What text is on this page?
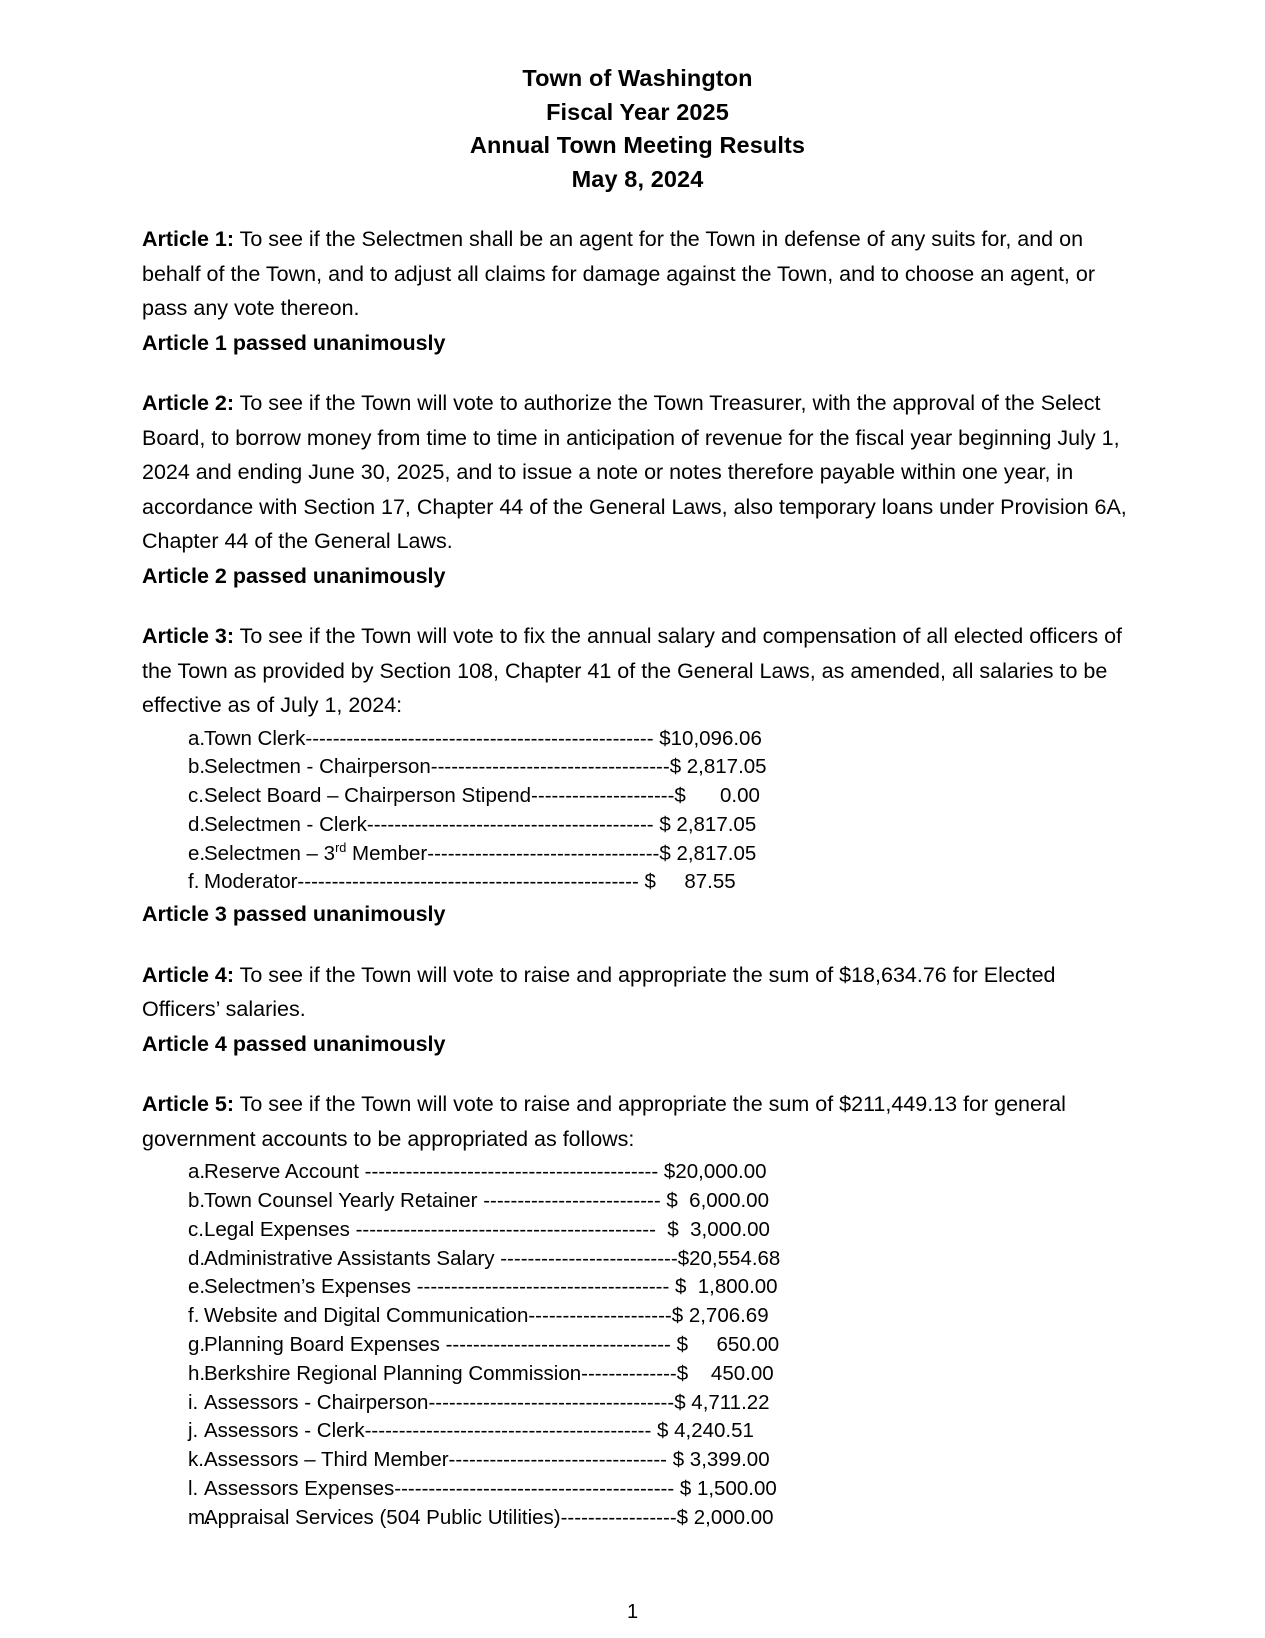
Town of Washington
Fiscal Year 2025
Annual Town Meeting Results
May 8, 2024

Article 1: To see if the Selectmen shall be an agent for the Town in defense of any suits for, and on behalf of the Town, and to adjust all claims for damage against the Town, and to choose an agent, or pass any vote thereon.

Article 1 passed unanimously

Article 2: To see if the Town will vote to authorize the Town Treasurer, with the approval of the Select Board, to borrow money from time to time in anticipation of revenue for the fiscal year beginning July 1, 2024 and ending June 30, 2025, and to issue a note or notes therefore payable within one year, in accordance with Section 17, Chapter 44 of the General Laws, also temporary loans under Provision 6A, Chapter 44 of the General Laws.

Article 2 passed unanimously

Article 3: To see if the Town will vote to fix the annual salary and compensation of all elected officers of the Town as provided by Section 108, Chapter 41 of the General Laws, as amended, all salaries to be effective as of July 1, 2024:

a.
Town Clerk--------------------------------------------------- $10,096.06
b.
Selectmen - Chairperson----------------------------------- $ 2,817.05
c. Select Board – Chairperson Stipend--------------------- $      0.00
d.
Selectmen - Clerk------------------------------------------ $ 2,817.05
e.
Selectmen – 3rd Member---------------------------------- $ 2,817.05
f. Moderator-------------------------------------------------- $     87.55

Article 3 passed unanimously

Article 4: To see if the Town will vote to raise and appropriate the sum of $18,634.76 for Elected Officers’ salaries.

Article 4 passed unanimously

Article 5: To see if the Town will vote to raise and appropriate the sum of $211,449.13 for general government accounts to be appropriated as follows:

a.
Reserve Account ------------------------------------------- $20,000.00
b.
Town Counsel Yearly Retainer -------------------------- $  6,000.00
c. Legal Expenses -------------------------------------------- $  3,000.00
d.
Administrative Assistants Salary -------------------------- $20,554.68
e.
Selectmen’s Expenses ------------------------------------- $  1,800.00
f. Website and Digital Communication--------------------- $ 2,706.69
g.
Planning Board Expenses --------------------------------- $     650.00
h.
Berkshire Regional Planning Commission-------------- $    450.00
i. Assessors - Chairperson------------------------------------ $ 4,711.22
j. Assessors - Clerk------------------------------------------ $ 4,240.51
k. Assessors – Third Member-------------------------------- $ 3,399.00
l. Assessors Expenses----------------------------------------- $ 1,500.00
m.
Appraisal Services (504 Public Utilities)----------------- $ 2,000.00
1
